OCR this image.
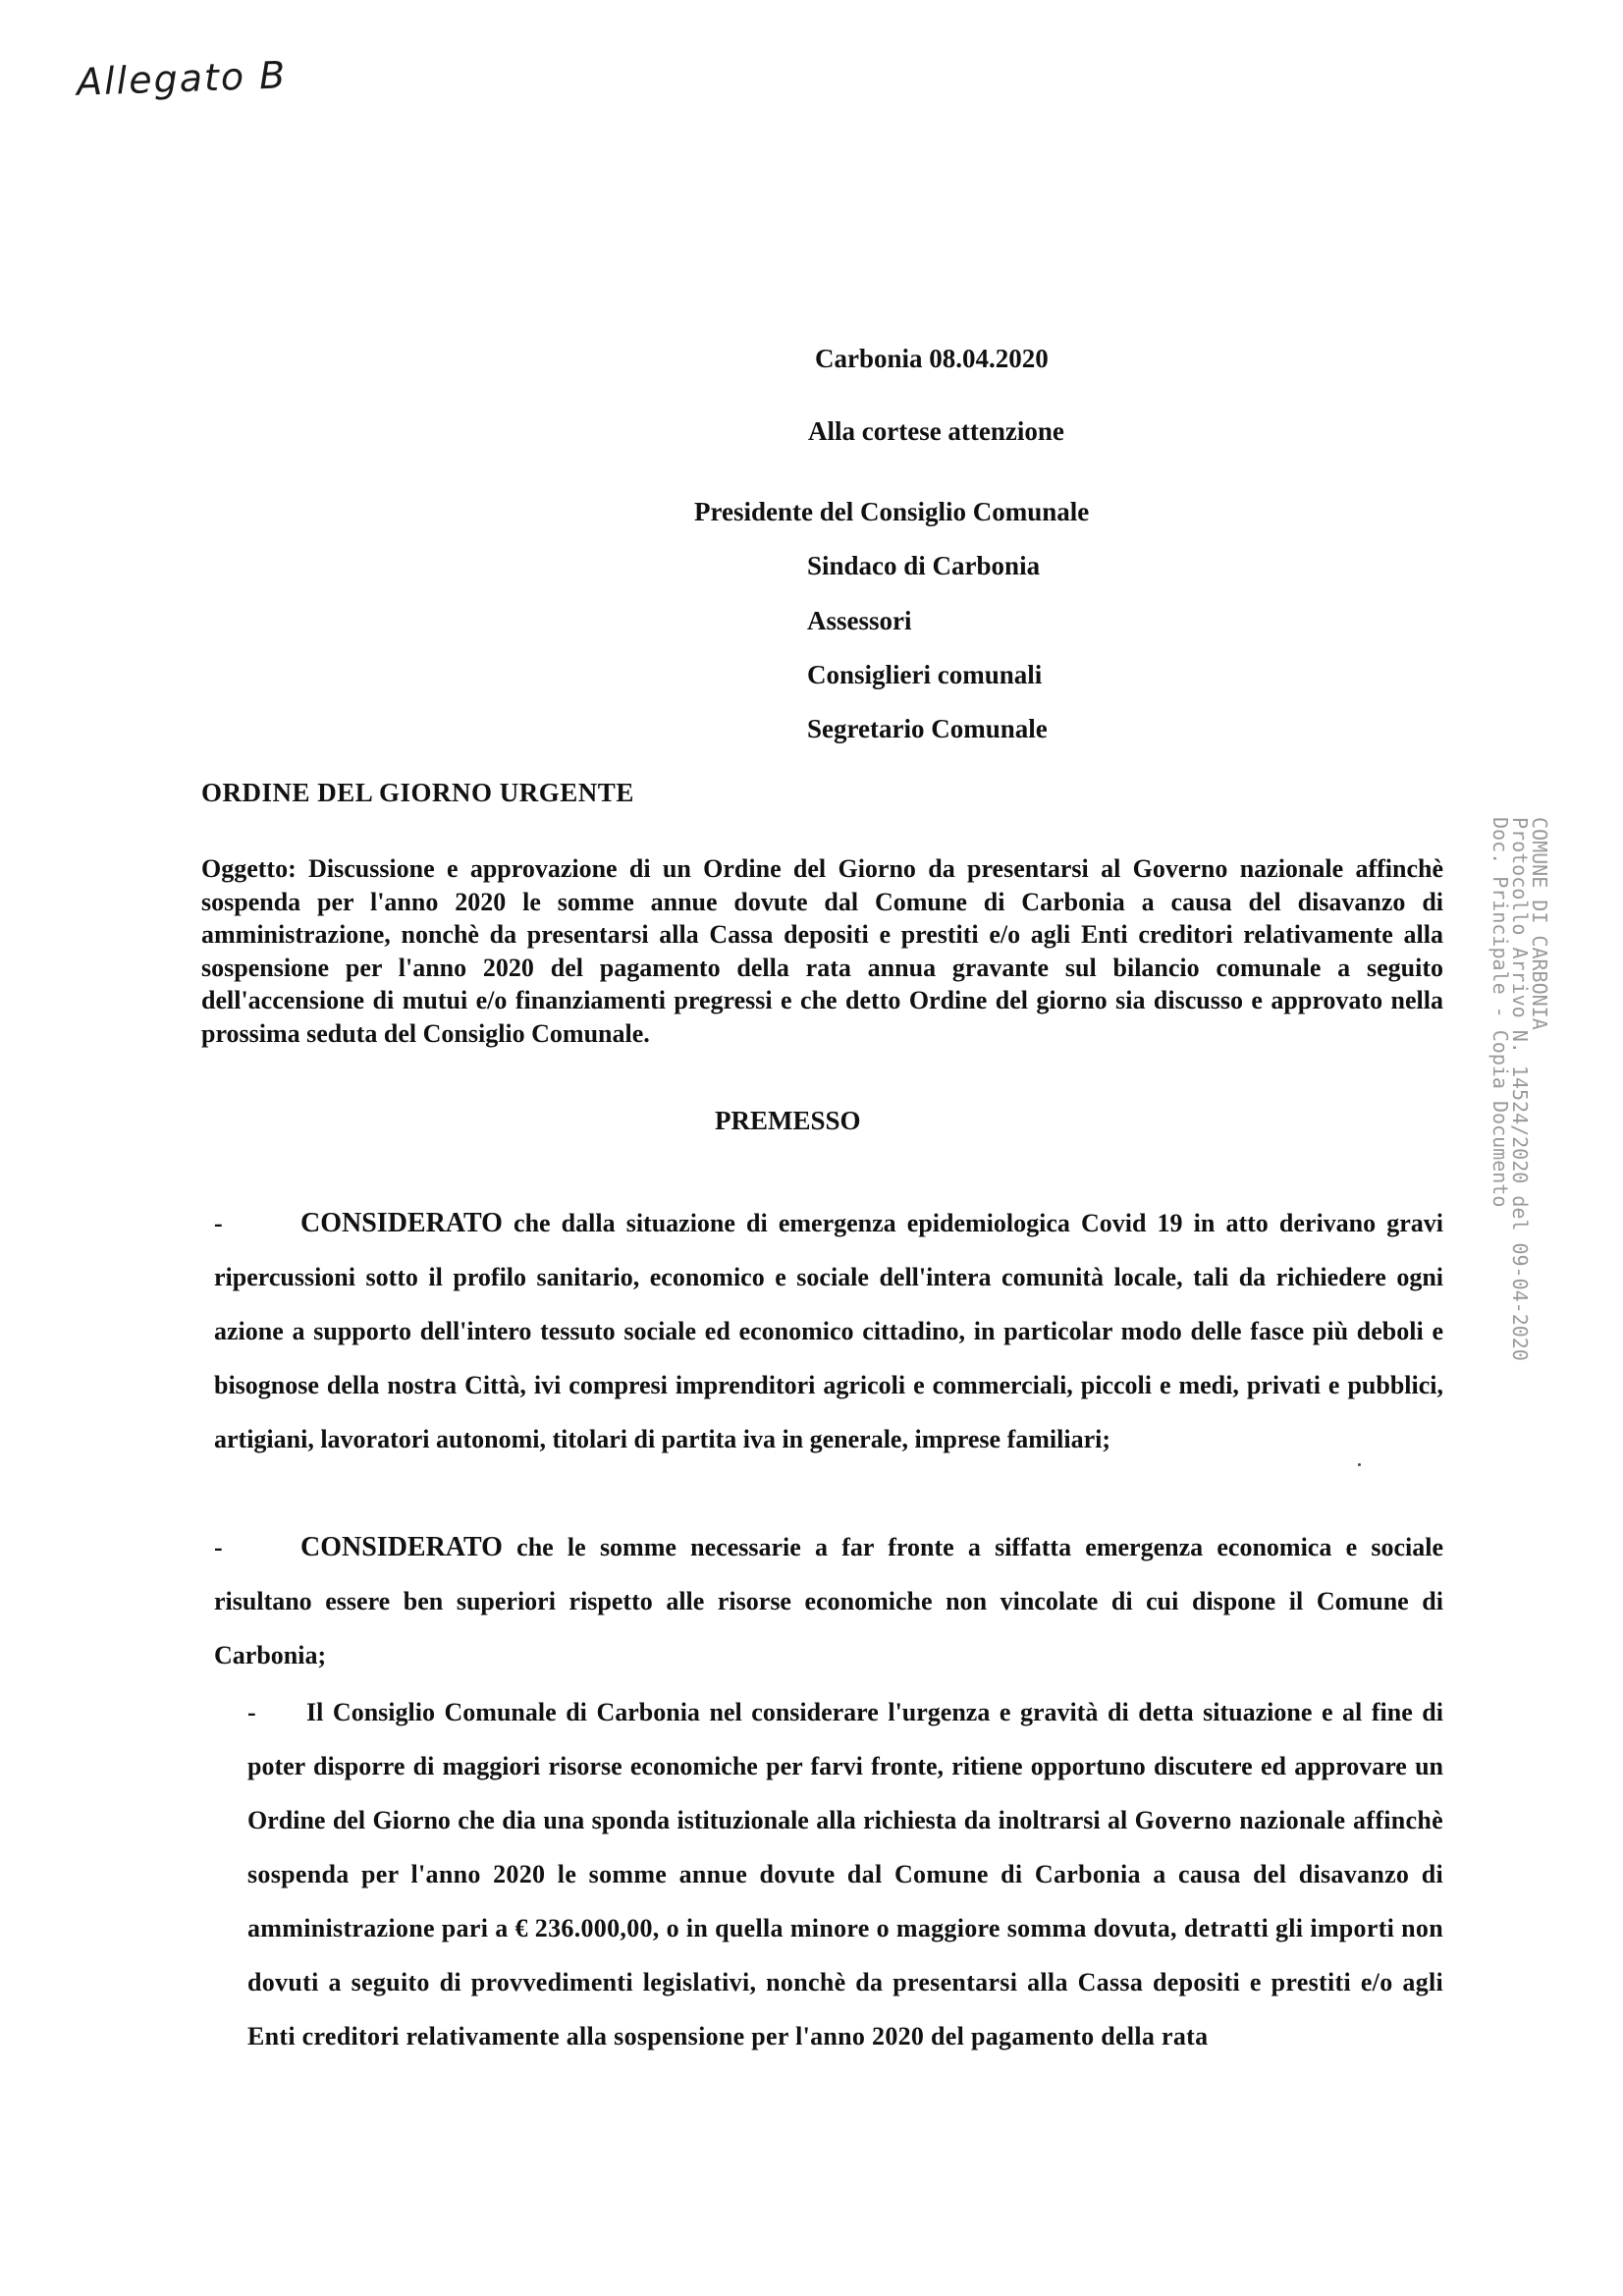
Allegato B
Carbonia 08.04.2020
Alla cortese attenzione
Presidente del Consiglio Comunale
Sindaco di Carbonia
Assessori
Consiglieri comunali
Segretario Comunale
ORDINE DEL GIORNO URGENTE
Oggetto: Discussione e approvazione di un Ordine del Giorno da presentarsi al Governo nazionale affinchè sospenda per l'anno 2020 le somme annue dovute dal Comune di Carbonia a causa del disavanzo di amministrazione, nonchè da presentarsi alla Cassa depositi e prestiti e/o agli Enti creditori relativamente alla sospensione per l'anno 2020 del pagamento della rata annua gravante sul bilancio comunale a seguito dell'accensione di mutui e/o finanziamenti pregressi e che detto Ordine del giorno sia discusso e approvato nella prossima seduta del Consiglio Comunale.
PREMESSO
-	CONSIDERATO che dalla situazione di emergenza epidemiologica Covid 19 in atto derivano gravi ripercussioni sotto il profilo sanitario, economico e sociale dell'intera comunità locale, tali da richiedere ogni azione a supporto dell'intero tessuto sociale ed economico cittadino, in particolar modo delle fasce più deboli e bisognose della nostra Città, ivi compresi imprenditori agricoli e commerciali, piccoli e medi, privati e pubblici, artigiani, lavoratori autonomi, titolari di partita iva in generale, imprese familiari;
-	CONSIDERATO che le somme necessarie a far fronte a siffatta emergenza economica e sociale risultano essere ben superiori rispetto alle risorse economiche non vincolate di cui dispone il Comune di Carbonia;
- Il Consiglio Comunale di Carbonia nel considerare l'urgenza e gravità di detta situazione e al fine di poter disporre di maggiori risorse economiche per farvi fronte, ritiene opportuno discutere ed approvare un Ordine del Giorno che dia una sponda istituzionale alla richiesta da inoltrarsi al Governo nazionale affinchè sospenda per l'anno 2020 le somme annue dovute dal Comune di Carbonia a causa del disavanzo di amministrazione pari a € 236.000,00, o in quella minore o maggiore somma dovuta, detratti gli importi non dovuti a seguito di provvedimenti legislativi, nonchè da presentarsi alla Cassa depositi e prestiti e/o agli Enti creditori relativamente alla sospensione per l'anno 2020 del pagamento della rata
COMUNE DI CARBONIA
Protocollo Arrivo N. 14524/2020 del 09-04-2020
Doc. Principale - Copia Documento
